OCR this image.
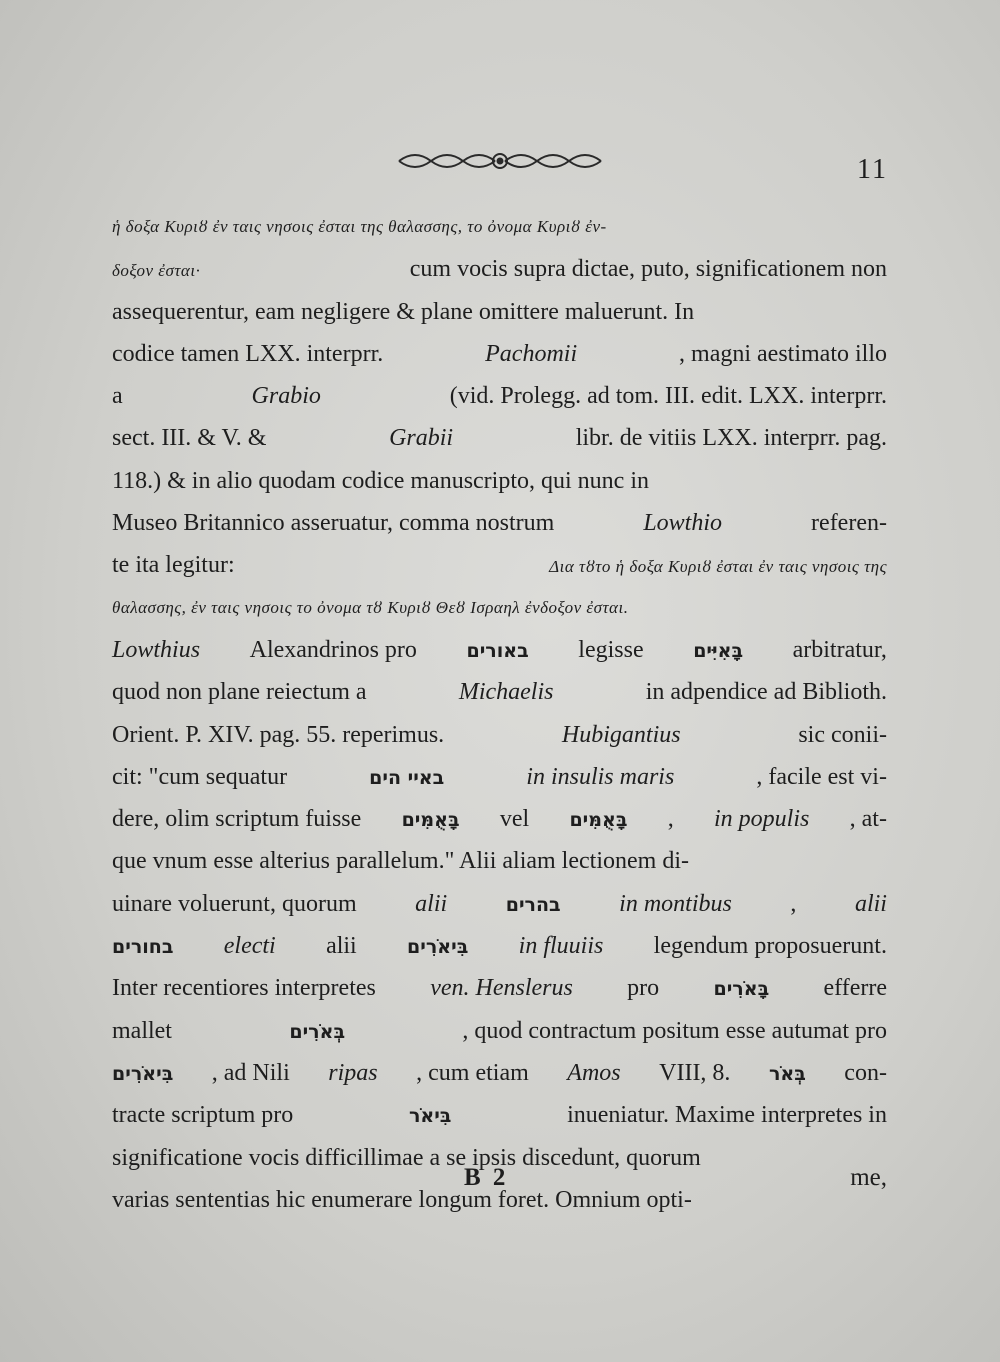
11
ἡ δοξα Κυριȣ ἐν ταις νησοις ἐσται της θαλασσης, το ὀνομα Κυριȣ ἐν-
δοξον ἐσται·	cum vocis supra dictae, puto, significationem non
assequerentur, eam negligere & plane omittere maluerunt. In
codice tamen LXX. interprr.	Pachomii	, magni aestimato illo
a	Grabio	(vid. Prolegg. ad tom. III. edit. LXX. interprr.
sect. III. & V. &	Grabii	libr. de vitiis LXX. interprr. pag.
118.) & in alio quodam codice manuscripto, qui nunc in
Museo Britannico asseruatur, comma nostrum	Lowthio	referen-
te ita legitur:	Δια τȣτο ἡ δοξα Κυριȣ ἐσται ἐν ταις νησοις της
θαλασσης, ἐν ταις νησοις το ὀνομα τȣ Κυριȣ Θεȣ Ισραηλ ἐνδοξον ἐσται.
Lowthius Alexandrinos pro	באורים legisse	בָּאִיִּים arbitratur,
quod non plane reiectum a	Michaelis	in adpendice ad Biblioth.
Orient. P. XIV. pag. 55. reperimus.	Hubigantius	sic conii-
cit: "cum sequatur	באיי הים	in insulis maris	, facile est vi-
dere, olim scriptum fuisse בָּאֻמִּים vel בָּאֻמִּים , in populis , at-
que vnum esse alterius parallelum." Alii aliam lectionem di-
uinare voluerunt, quorum alii	בהרים in montibus , alii
בחורים electi alii	בִּיאֹרִים in fluuiis legendum proposuerunt.
Inter recentiores interpretes ven. Henslerus pro	בָּאֹרִים efferre
mallet	בְּאֹרִים	, quod contractum positum esse autumat pro
בִּיאֹרִים , ad Nili ripas , cum etiam Amos VIII, 8. בְּאֹר con-
tracte scriptum pro	בִּיאֹר	inueniatur. Maxime interpretes in
significatione vocis difficillimae a se ipsis discedunt, quorum
varias sententias hic enumerare longum foret. Omnium opti-
B 2	me,
